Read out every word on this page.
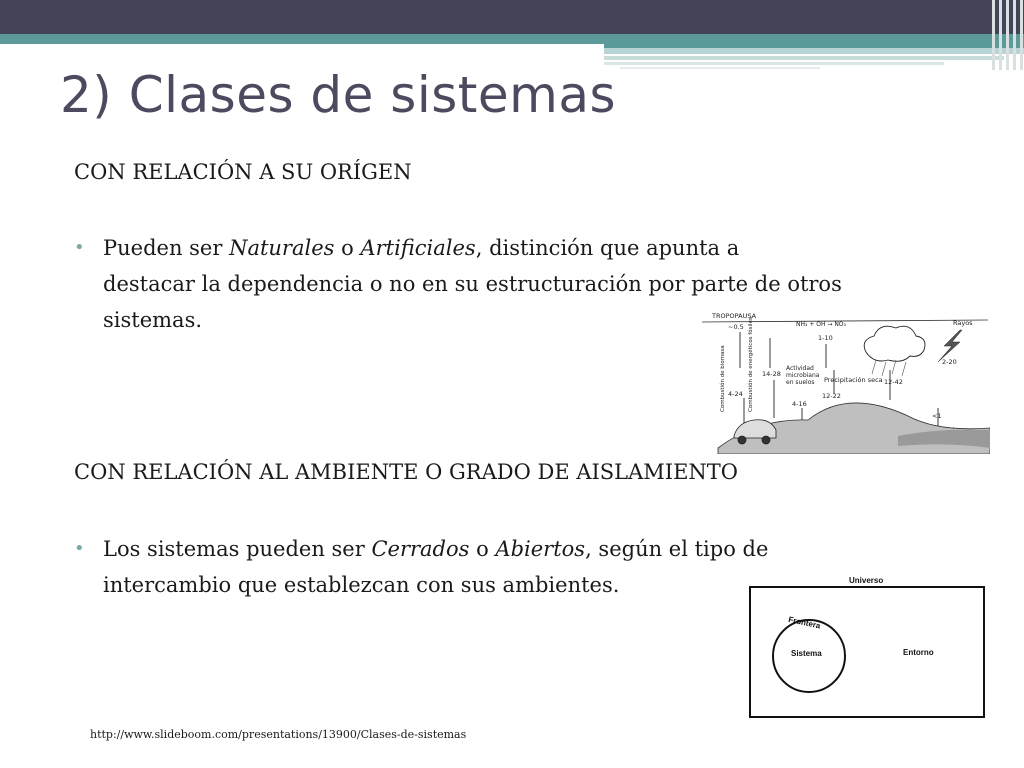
2) Clases de sistemas
CON RELACIÓN A SU ORÍGEN
• Pueden ser Naturales o Artificiales, distinción que apunta a
destacar la dependencia o no en su estructuración por parte de otros
sistemas.	TROPOPAUSA
~0.5	NH₃ + OH → NO₃
1-10
Rayos
2-20
Combustión de biomasa	Combustión de energéticos fósiles
4-24
14-28
Actividad
microbiana
en suelos
4-16
Precipitación seca 12-42
12-22
<1
CON RELACIÓN AL AMBIENTE O GRADO DE AISLAMIENTO
• Los sistemas pueden ser Cerrados o Abiertos, según el tipo de
intercambio que establezcan con sus ambientes.	Universo
Frontera
Sistema	Entorno
http://www.slideboom.com/presentations/13900/Clases-de-sistemas
